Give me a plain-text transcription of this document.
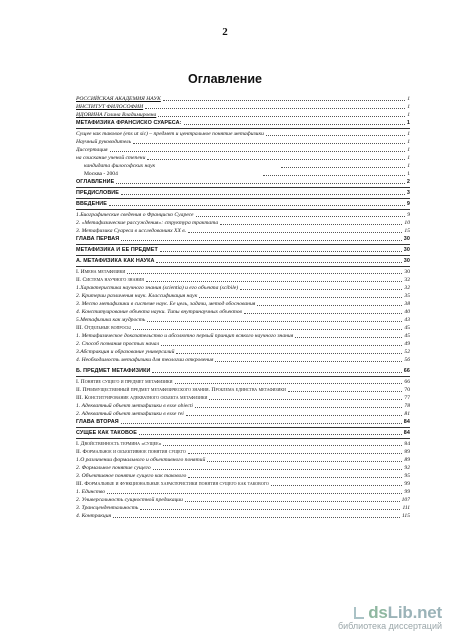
2
Оглавление
РОССИЙСКАЯ АКАДЕМИЯ НАУК	1
ИНСТИТУТ ФИЛОСОФИИ	1
ИДОВИНА Галина Владимировна	1
МЕТАФИЗИКА ФРАНСИСКО СУАРЕСА:	1
Сущее как таковое (ens ut sic) – предмет и центральное понятие метафизики	1
Научный руководитель	1
Диссертация	1
на соискание ученой степени	1
кандидата философских наук	1
Москва - 2004	1
ОГЛАВЛЕНИЕ	2
ПРЕДИСЛОВИЕ	3
ВВЕДЕНИЕ	9
1.Биографические сведения о Франциско Суаресе	9
2. «Метафизические рассуждения»: структура трактата	10
3. Метафизика Суареса в исследованиях XX в.	15
ГЛАВА ПЕРВАЯ	30
МЕТАФИЗИКА И ЕЕ ПРЕДМЕТ	30
А. МЕТАФИЗИКА КАК НАУКА	30
I. Имена метафизики	30
II. Система научного знания	32
1.Характеристика научного знания (scientia) и его объекта (scibile)	32
2. Критерии различения наук. Классификация наук	35
3. Место метафизики в системе наук. Ее цель, задачи, метод обоснования	38
4. Конституирование объекта науки. Типы внутринаучных объектов	40
5.Метафизика как мудрость	43
III. Отдельные вопросы	45
1. Метафизическое доказательство и абсолютно первый принцип всякого научного знания	45
2. Способ познания простых начал	49
3.Абстракция и образование универсалий	52
4. Необходимость метафизики для теологии откровения	56
Б. ПРЕДМЕТ МЕТАФИЗИКИ	66
I. Понятие сущего и предмет метафизики	66
II. Преимущественный предмет метафизического знания. Проблема единства метафизики	70
III. Конституирование адекватного объекта метафизики	77
1. Адекватный объект метафизики в esse obiecti	78
2. Адекватный объект метафизики в esse rei	81
ГЛАВА ВТОРАЯ	84
СУЩЕЕ КАК ТАКОВОЕ	84
I. Двойственность термина «сущее»	84
II. Формальное и объективное понятия сущего	89
1.О различении формального и объективного понятий	89
2. Формальное понятие сущего	92
3. Объективное понятие сущего как такового	95
III. Формальные и функциональные характеристики понятия сущего как такового	99
1. Единство	99
2. Универсальность сущностной предикации	107
3. Трансцендентальность	111
4. Контракция	115
dsLib.net
библиотека диссертаций
